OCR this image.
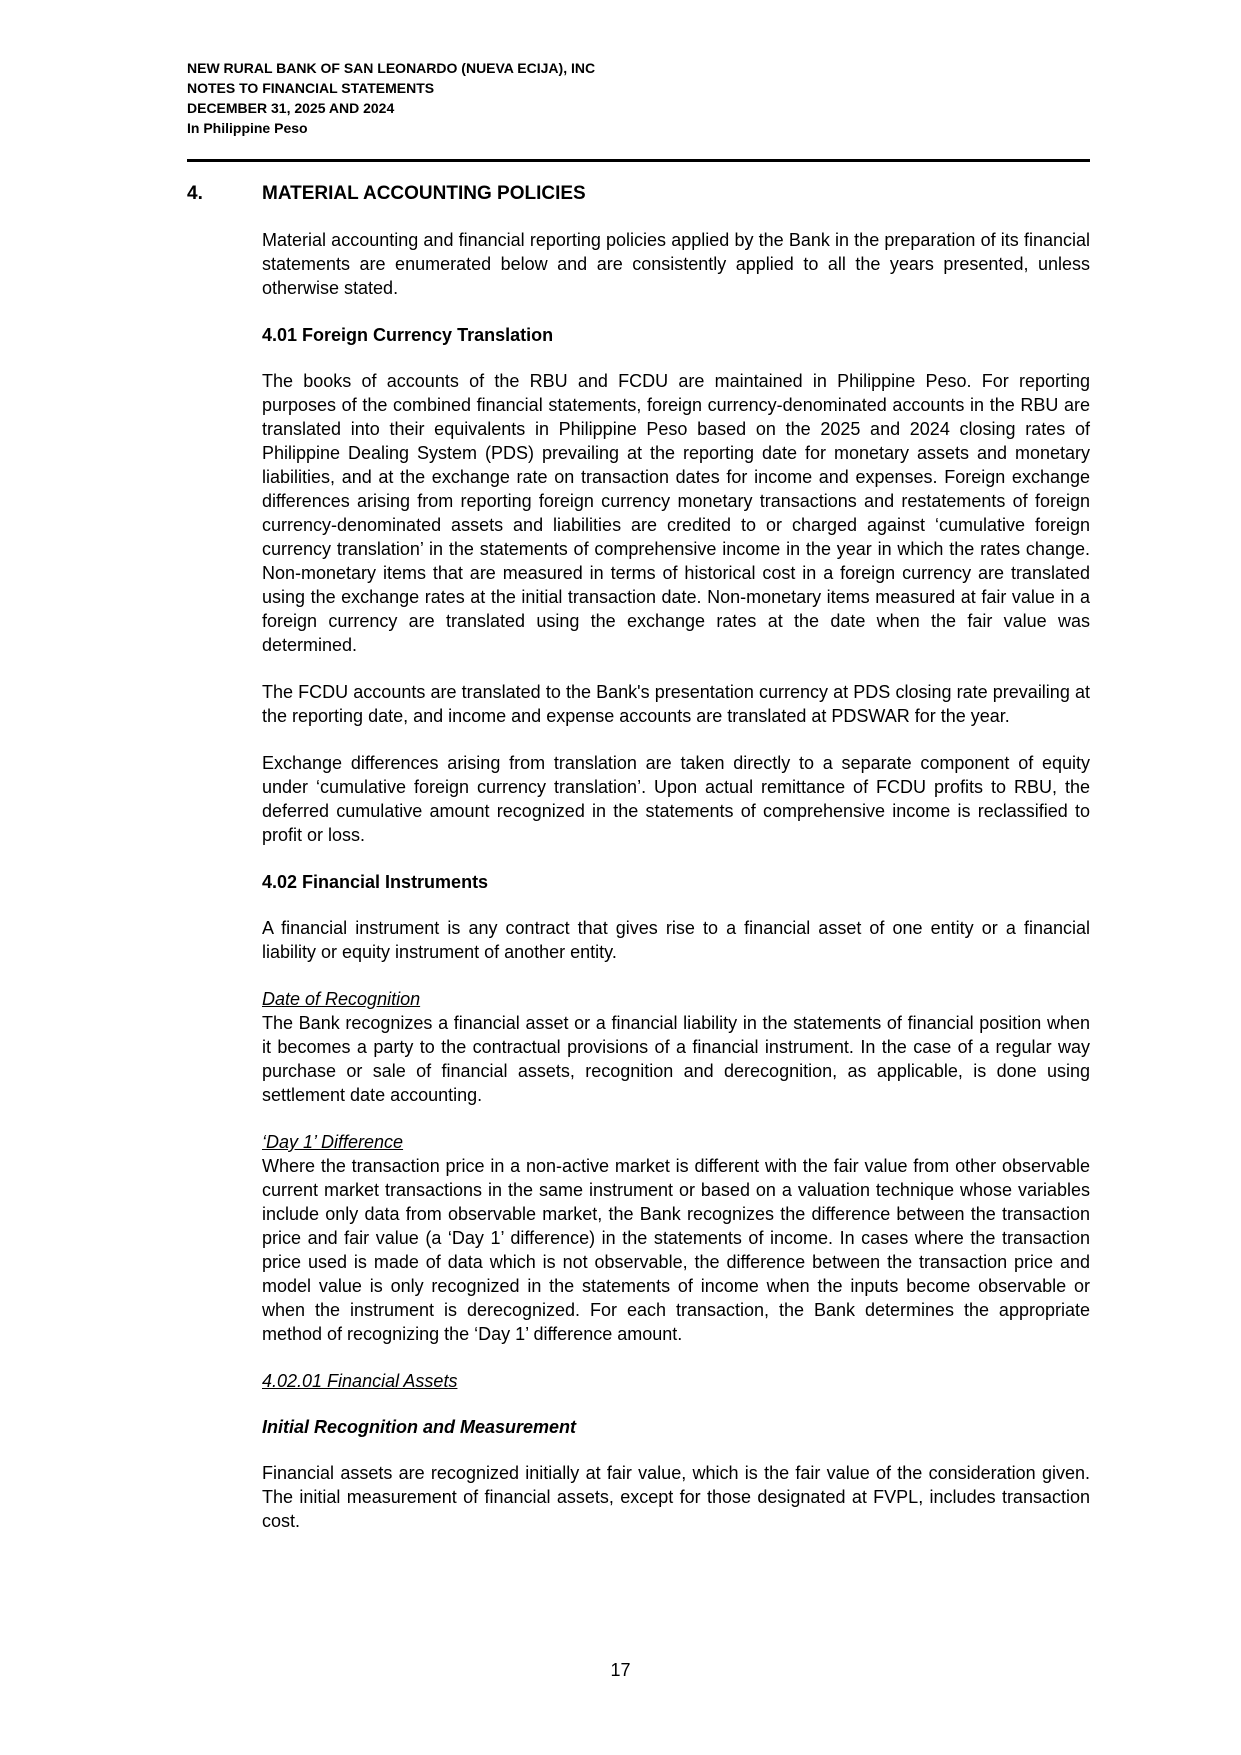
NEW RURAL BANK OF SAN LEONARDO (NUEVA ECIJA), INC
NOTES TO FINANCIAL STATEMENTS
DECEMBER 31, 2025 AND 2024
In Philippine Peso
4.	MATERIAL ACCOUNTING POLICIES

Material accounting and financial reporting policies applied by the Bank in the preparation of its financial statements are enumerated below and are consistently applied to all the years presented, unless otherwise stated.

4.01 Foreign Currency Translation

The books of accounts of the RBU and FCDU are maintained in Philippine Peso. For reporting purposes of the combined financial statements, foreign currency-denominated accounts in the RBU are translated into their equivalents in Philippine Peso based on the 2025 and 2024 closing rates of Philippine Dealing System (PDS) prevailing at the reporting date for monetary assets and monetary liabilities, and at the exchange rate on transaction dates for income and expenses. Foreign exchange differences arising from reporting foreign currency monetary transactions and restatements of foreign currency-denominated assets and liabilities are credited to or charged against ‘cumulative foreign currency translation’ in the statements of comprehensive income in the year in which the rates change. Non-monetary items that are measured in terms of historical cost in a foreign currency are translated using the exchange rates at the initial transaction date. Non-monetary items measured at fair value in a foreign currency are translated using the exchange rates at the date when the fair value was determined.

The FCDU accounts are translated to the Bank's presentation currency at PDS closing rate prevailing at the reporting date, and income and expense accounts are translated at PDSWAR for the year.

Exchange differences arising from translation are taken directly to a separate component of equity under ‘cumulative foreign currency translation’. Upon actual remittance of FCDU profits to RBU, the deferred cumulative amount recognized in the statements of comprehensive income is reclassified to profit or loss.

4.02 Financial Instruments

A financial instrument is any contract that gives rise to a financial asset of one entity or a financial liability or equity instrument of another entity.

Date of Recognition

The Bank recognizes a financial asset or a financial liability in the statements of financial position when it becomes a party to the contractual provisions of a financial instrument. In the case of a regular way purchase or sale of financial assets, recognition and derecognition, as applicable, is done using settlement date accounting.

‘Day 1’ Difference

Where the transaction price in a non-active market is different with the fair value from other observable current market transactions in the same instrument or based on a valuation technique whose variables include only data from observable market, the Bank recognizes the difference between the transaction price and fair value (a ‘Day 1’ difference) in the statements of income. In cases where the transaction price used is made of data which is not observable, the difference between the transaction price and model value is only recognized in the statements of income when the inputs become observable or when the instrument is derecognized. For each transaction, the Bank determines the appropriate method of recognizing the ‘Day 1’ difference amount.

4.02.01 Financial Assets
Initial Recognition and Measurement

Financial assets are recognized initially at fair value, which is the fair value of the consideration given. The initial measurement of financial assets, except for those designated at FVPL, includes transaction cost.

17
